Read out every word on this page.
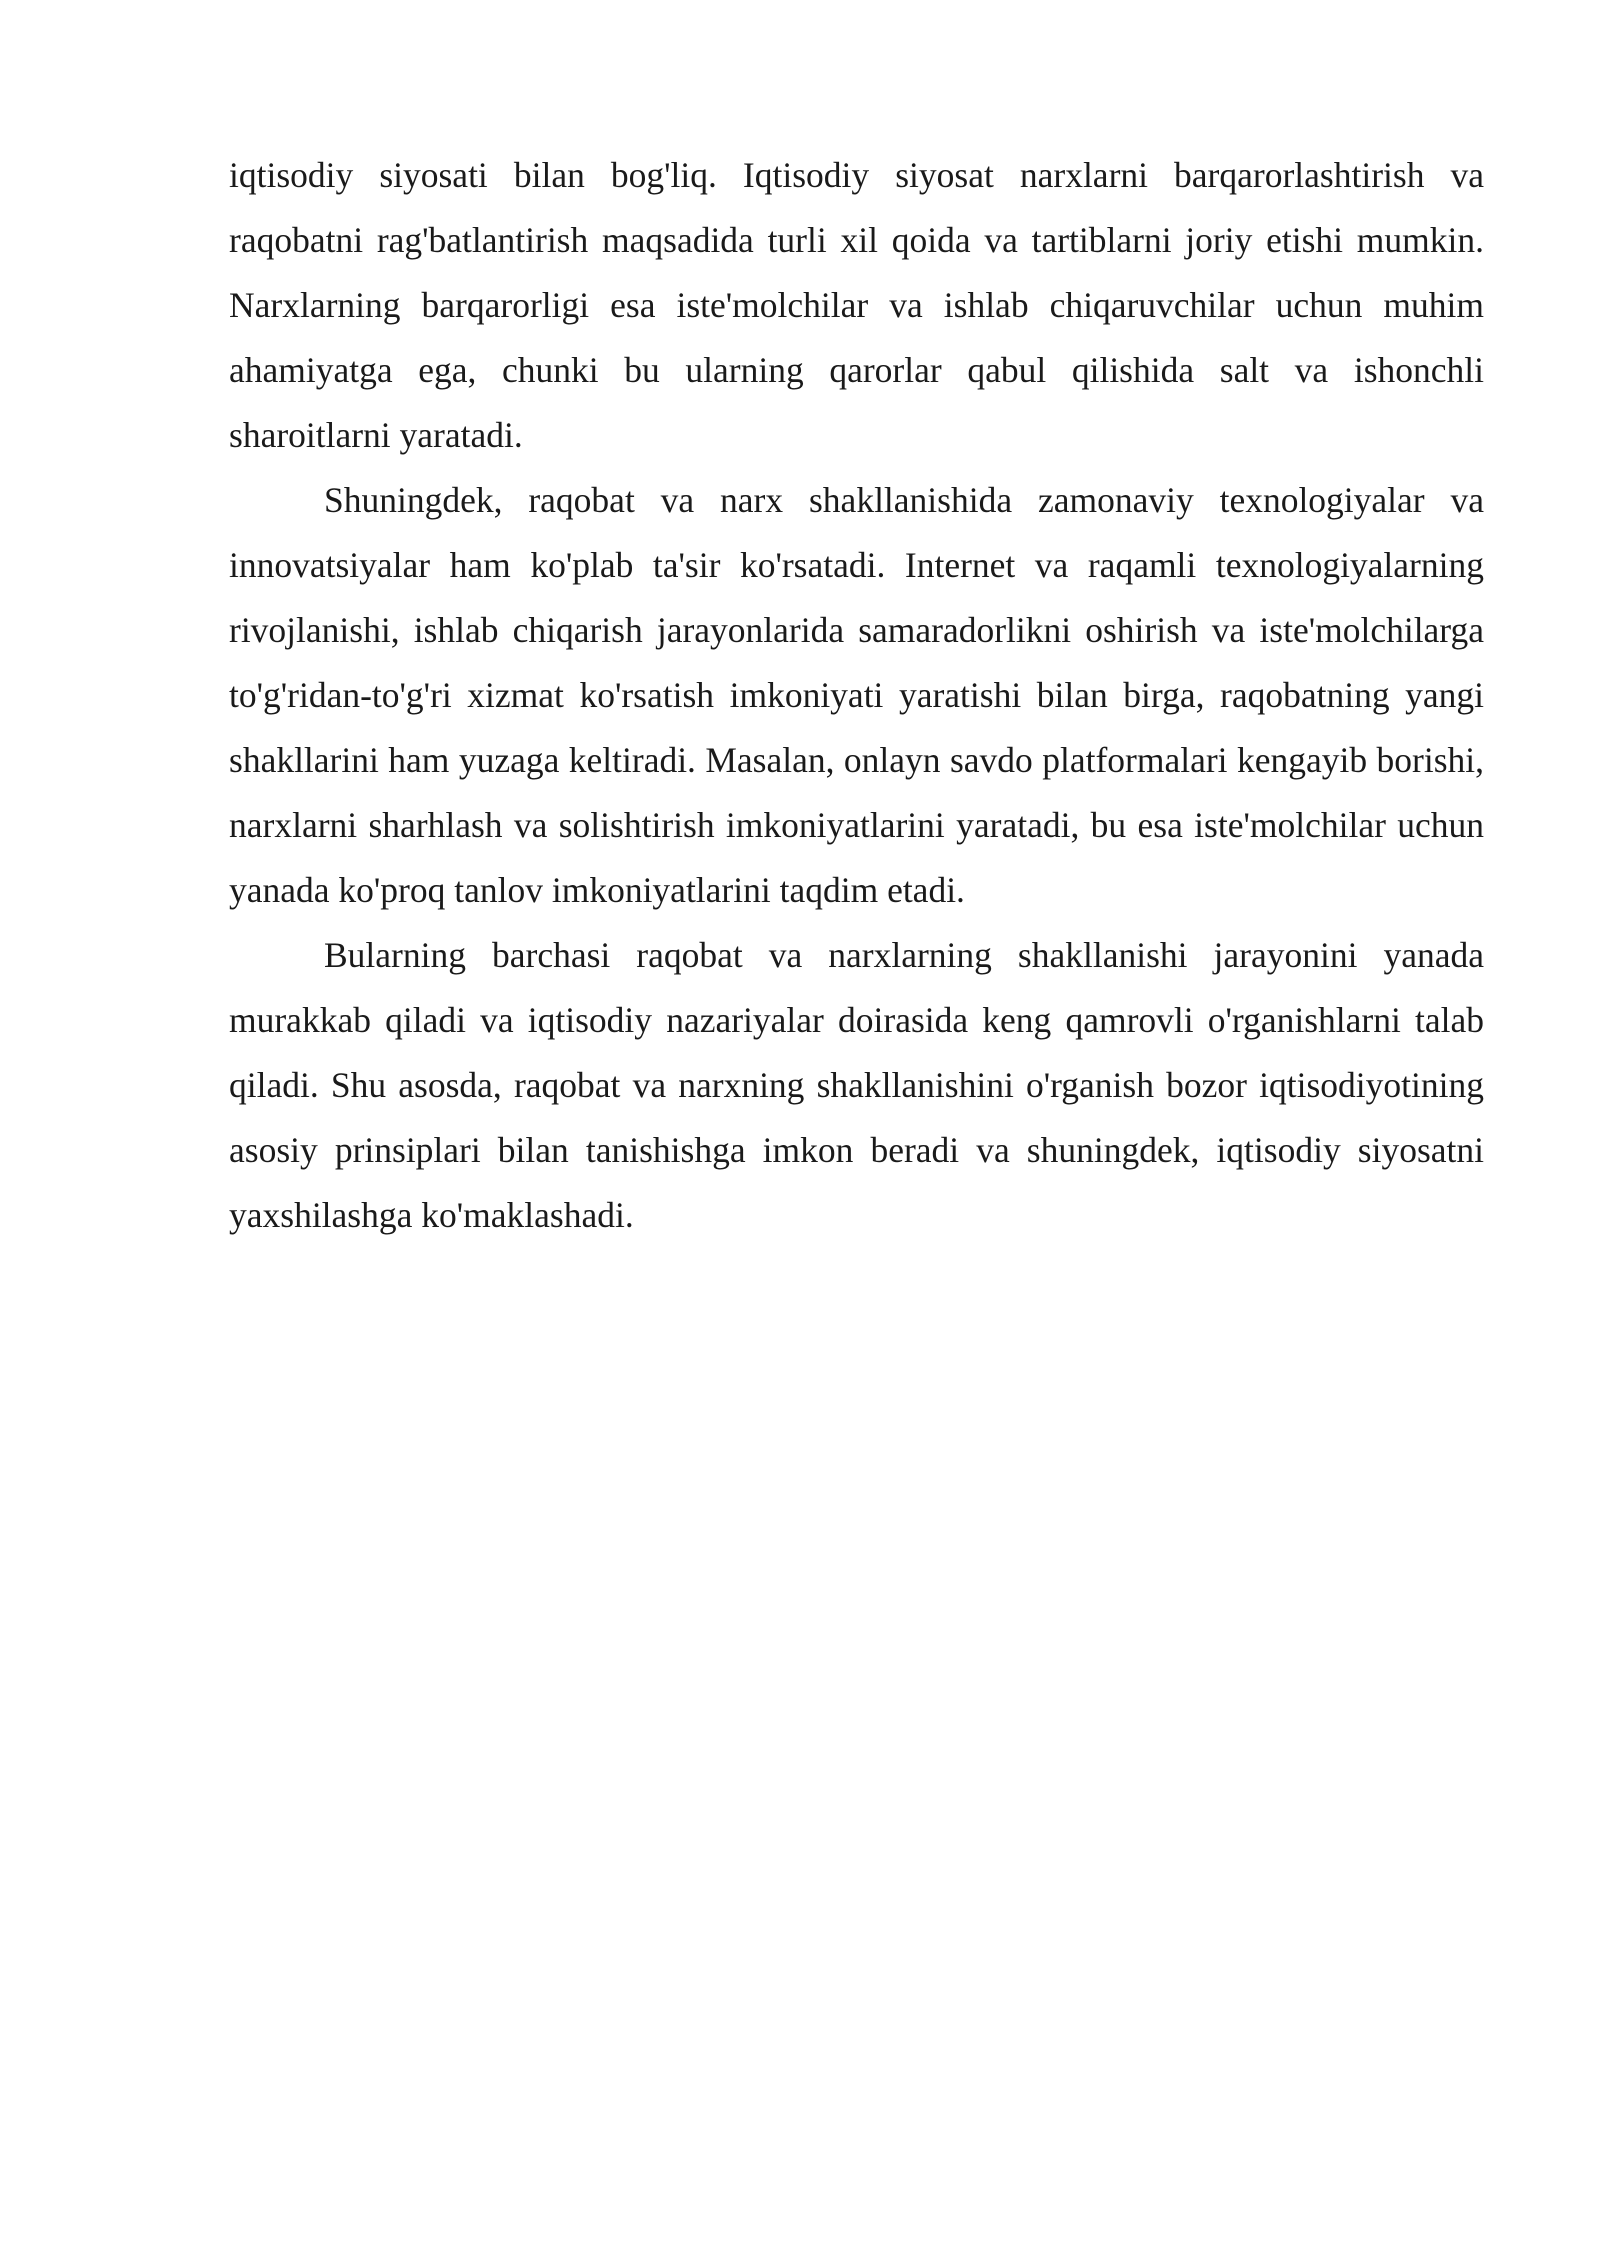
iqtisodiy siyosati bilan bog'liq. Iqtisodiy siyosat narxlarni barqarorlashtirish va raqobatni rag'batlantirish maqsadida turli xil qoida va tartiblarni joriy etishi mumkin. Narxlarning barqarorligi esa iste'molchilar va ishlab chiqaruvchilar uchun muhim ahamiyatga ega, chunki bu ularning qarorlar qabul qilishida salt va ishonchli sharoitlarni yaratadi.

Shuningdek, raqobat va narx shakllanishida zamonaviy texnologiyalar va innovatsiyalar ham ko'plab ta'sir ko'rsatadi. Internet va raqamli texnologiyalarning rivojlanishi, ishlab chiqarish jarayonlarida samaradorlikni oshirish va iste'molchilarga to'g'ridan-to'g'ri xizmat ko'rsatish imkoniyati yaratishi bilan birga, raqobatning yangi shakllarini ham yuzaga keltiradi. Masalan, onlayn savdo platformalari kengayib borishi, narxlarni sharhlash va solishtirish imkoniyatlarini yaratadi, bu esa iste'molchilar uchun yanada ko'proq tanlov imkoniyatlarini taqdim etadi.

Bularning barchasi raqobat va narxlarning shakllanishi jarayonini yanada murakkab qiladi va iqtisodiy nazariyalar doirasida keng qamrovli o'rganishlarni talab qiladi. Shu asosda, raqobat va narxning shakllanishini o'rganish bozor iqtisodiyotining asosiy prinsiplari bilan tanishishga imkon beradi va shuningdek, iqtisodiy siyosatni yaxshilashga ko'maklashadi.
